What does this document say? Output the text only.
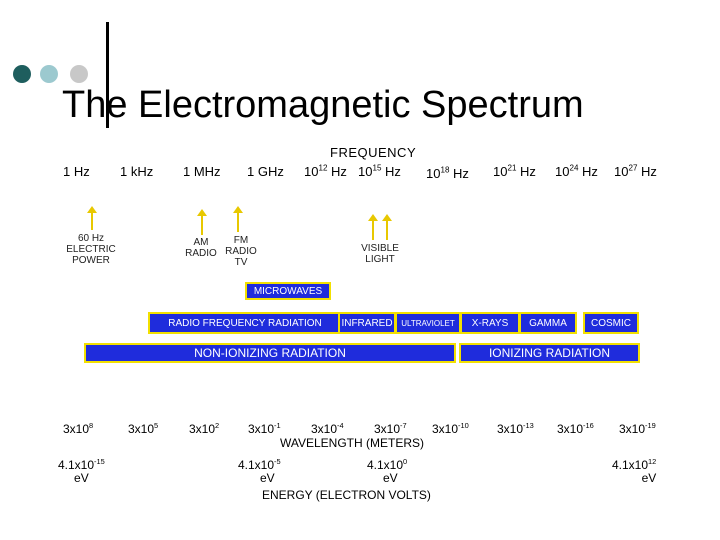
The Electromagnetic Spectrum
FREQUENCY
1 Hz 1 kHz 1 MHz 1 GHz $10^{12}$ Hz $10^{15}$ Hz $10^{18}$ Hz $10^{21}$ Hz $10^{24}$ Hz $10^{27}$ Hz
60 Hz
ELECTRIC
POWER
AM
RADIO
FM
RADIO
TV
VISIBLE
LIGHT
MICROWAVES
RADIO FREQUENCY RADIATION INFRARED ULTRAVIOLET X-RAYS GAMMA COSMIC
NON-IONIZING RADIATION	IONIZING RADIATION
$3x10^8$	$3x10^5$	$3x10^2$ $3x10^{-1}$	$3x10^{-4}$	$3x10^{-7}$ $3x10^{-10}$ $3x10^{-13}$ $3x10^{-16}$ $3x10^{-19}$
WAVELENGTH (METERS)
$4.1x10^{-15}$
eV
$4.1x10^{-5}$
eV
$4.1x10^0$
eV
$4.1x10^{12}$
eV
ENERGY (ELECTRON VOLTS)
